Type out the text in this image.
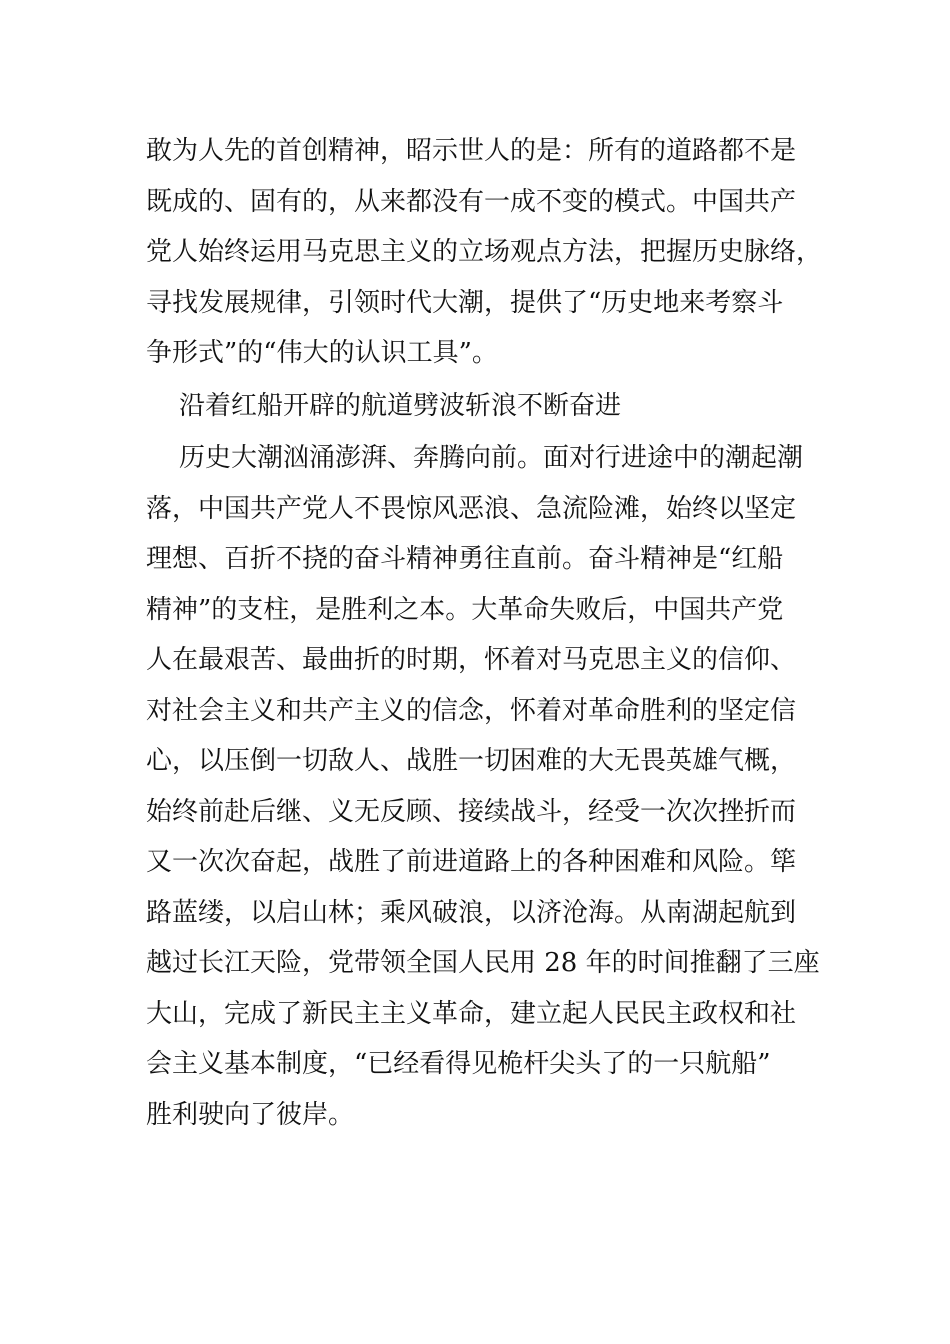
敢为人先的首创精神，昭示世人的是：所有的道路都不是
既成的、固有的，从来都没有一成不变的模式。中国共产
党人始终运用马克思主义的立场观点方法，把握历史脉络，
寻找发展规律，引领时代大潮，提供了“历史地来考察斗
争形式”的“伟大的认识工具”。
沿着红船开辟的航道劈波斩浪不断奋进
历史大潮汹涌澎湃、奔腾向前。面对行进途中的潮起潮
落，中国共产党人不畏惊风恶浪、急流险滩，始终以坚定
理想、百折不挠的奋斗精神勇往直前。奋斗精神是“红船
精神”的支柱，是胜利之本。大革命失败后，中国共产党
人在最艰苦、最曲折的时期，怀着对马克思主义的信仰、
对社会主义和共产主义的信念，怀着对革命胜利的坚定信
心，以压倒一切敌人、战胜一切困难的大无畏英雄气概，
始终前赴后继、义无反顾、接续战斗，经受一次次挫折而
又一次次奋起，战胜了前进道路上的各种困难和风险。筚
路蓝缕，以启山林；乘风破浪，以济沧海。从南湖起航到
越过长江天险，党带领全国人民用 28 年的时间推翻了三座
大山，完成了新民主主义革命，建立起人民民主政权和社
会主义基本制度，“已经看得见桅杆尖头了的一只航船”
胜利驶向了彼岸。
